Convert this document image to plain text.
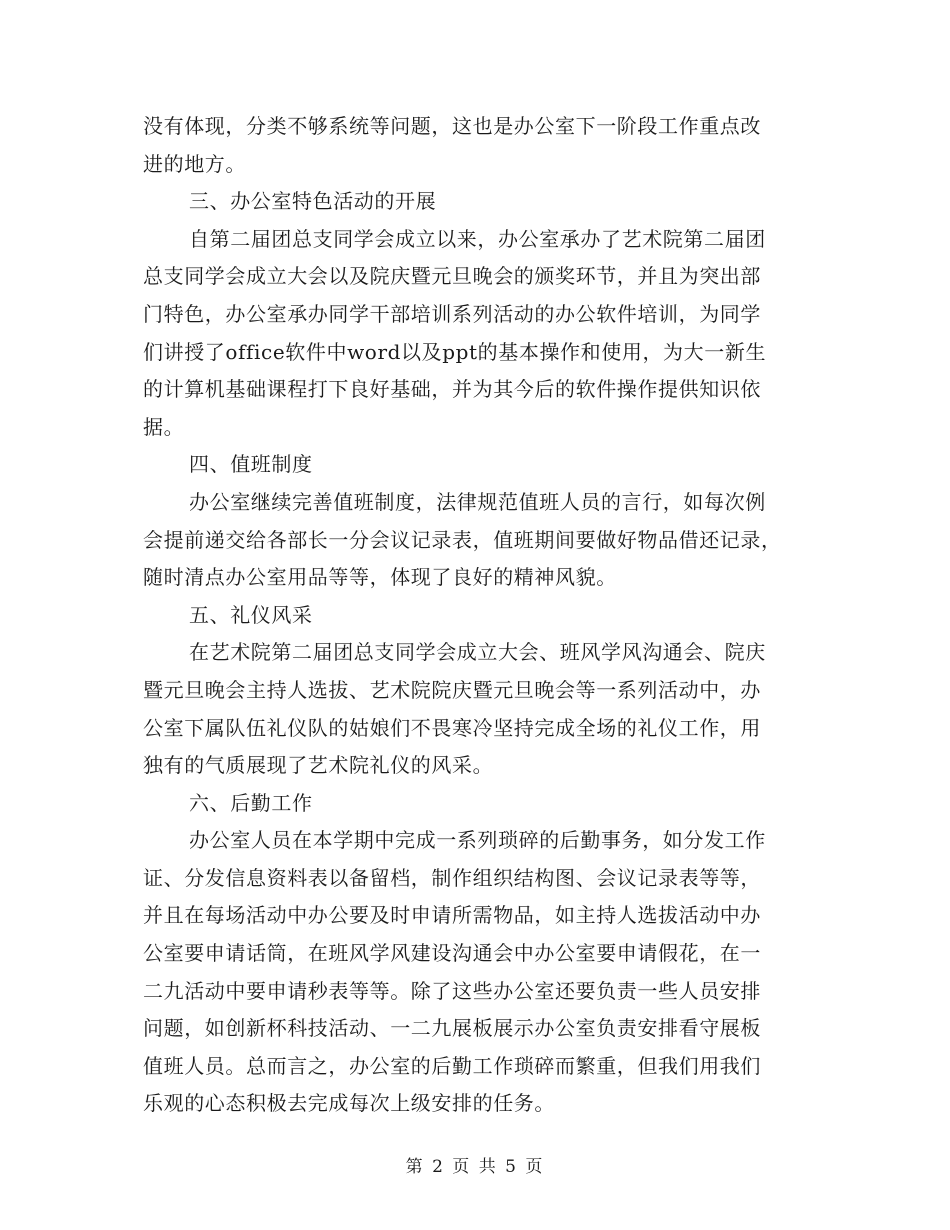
没有体现，分类不够系统等问题，这也是办公室下一阶段工作重点改
进的地方。
三、办公室特色活动的开展
自第二届团总支同学会成立以来，办公室承办了艺术院第二届团
总支同学会成立大会以及院庆暨元旦晚会的颁奖环节，并且为突出部
门特色，办公室承办同学干部培训系列活动的办公软件培训，为同学
们讲授了office软件中word以及ppt的基本操作和使用，为大一新生
的计算机基础课程打下良好基础，并为其今后的软件操作提供知识依
据。
四、值班制度
办公室继续完善值班制度，法律规范值班人员的言行，如每次例
会提前递交给各部长一分会议记录表，值班期间要做好物品借还记录，
随时清点办公室用品等等，体现了良好的精神风貌。
五、礼仪风采
在艺术院第二届团总支同学会成立大会、班风学风沟通会、院庆
暨元旦晚会主持人选拔、艺术院院庆暨元旦晚会等一系列活动中，办
公室下属队伍礼仪队的姑娘们不畏寒冷坚持完成全场的礼仪工作，用
独有的气质展现了艺术院礼仪的风采。
六、后勤工作
办公室人员在本学期中完成一系列琐碎的后勤事务，如分发工作
证、分发信息资料表以备留档，制作组织结构图、会议记录表等等，
并且在每场活动中办公要及时申请所需物品，如主持人选拔活动中办
公室要申请话筒，在班风学风建设沟通会中办公室要申请假花，在一
二九活动中要申请秒表等等。除了这些办公室还要负责一些人员安排
问题，如创新杯科技活动、一二九展板展示办公室负责安排看守展板
值班人员。总而言之，办公室的后勤工作琐碎而繁重，但我们用我们
乐观的心态积极去完成每次上级安排的任务。
第 2 页 共 5 页
